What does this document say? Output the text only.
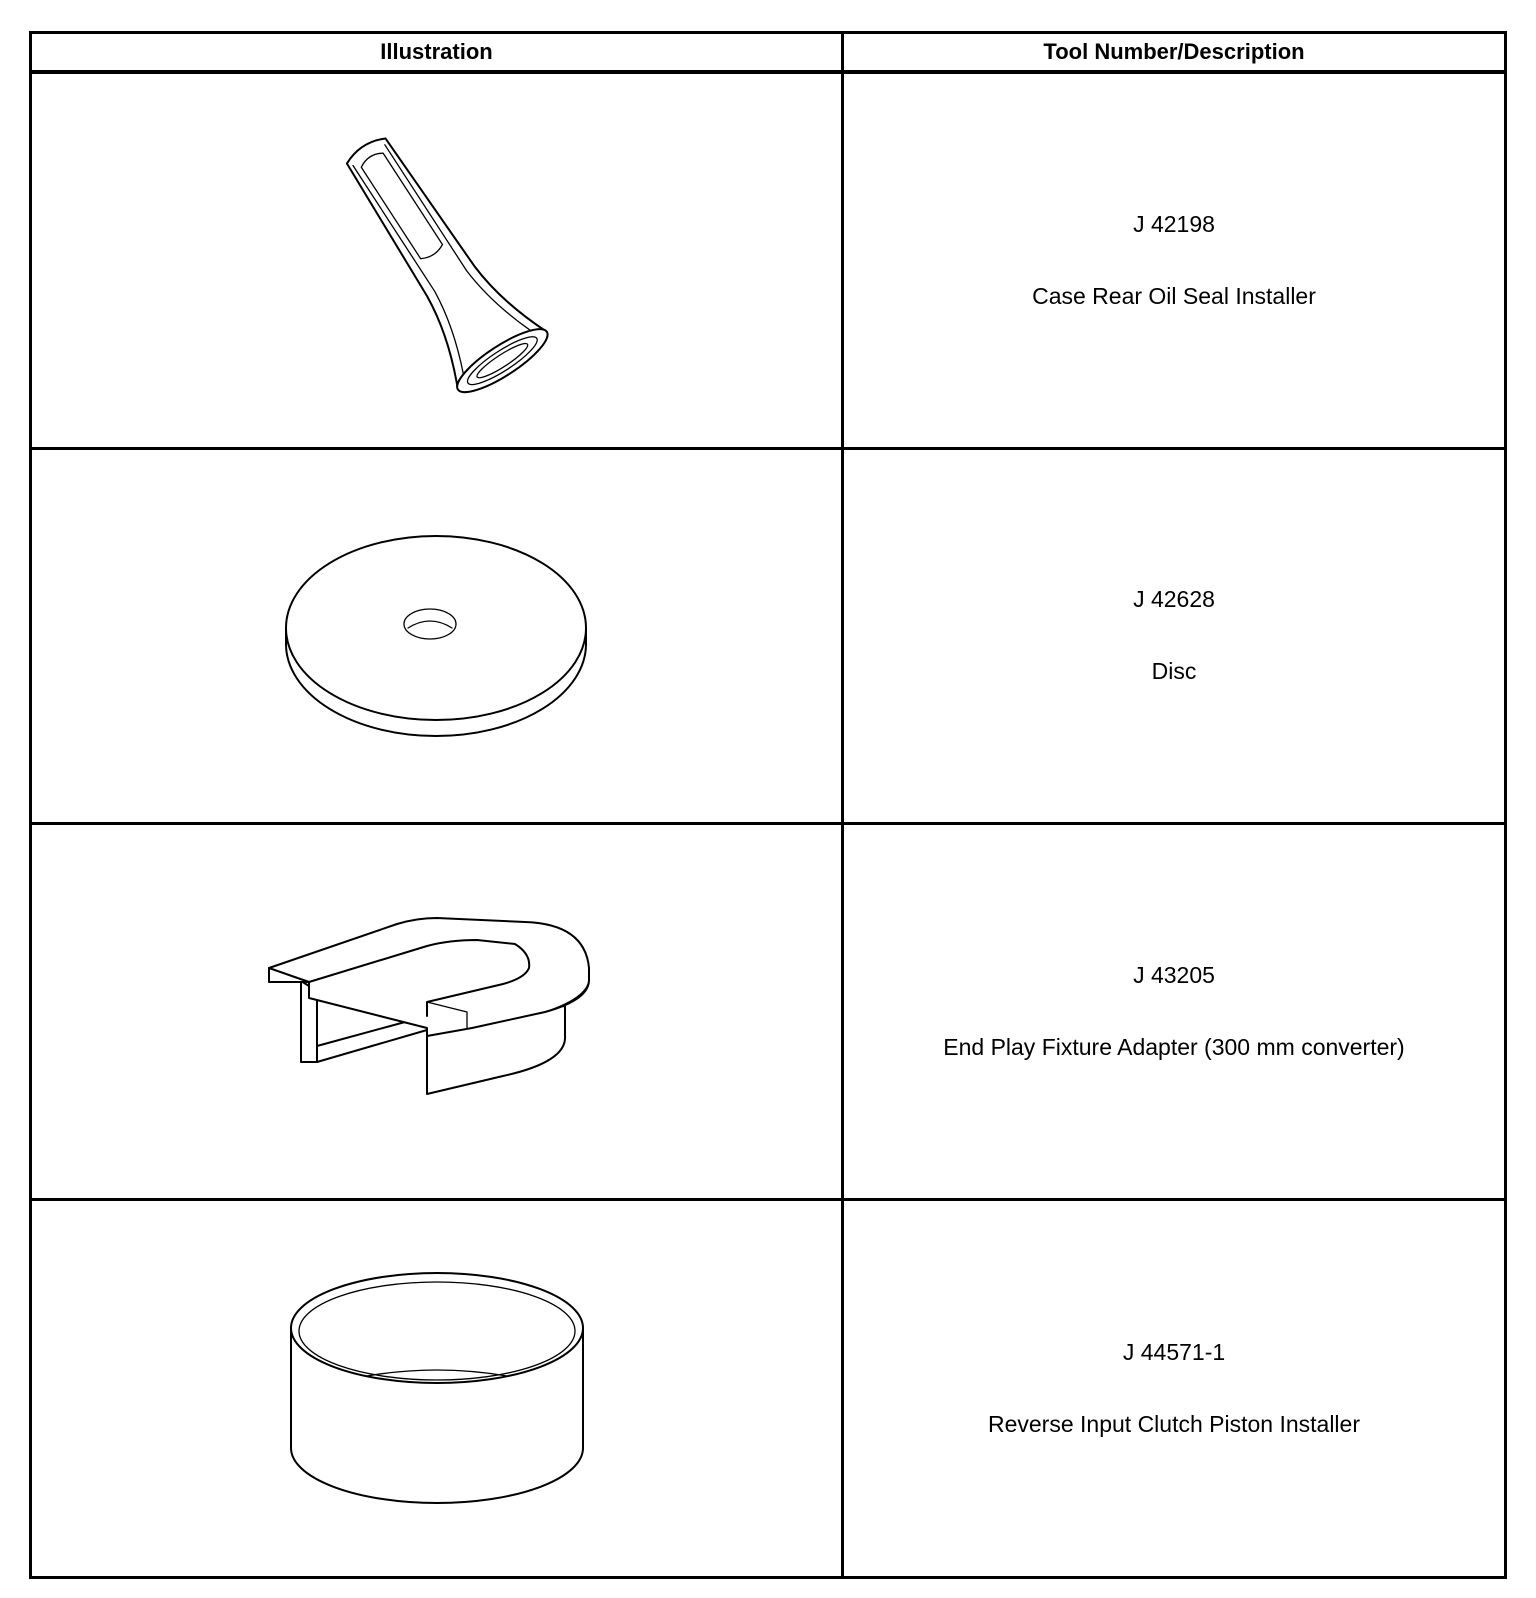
Illustration	Tool Number/Description
J 42198
Case Rear Oil Seal Installer
J 42628
Disc
J 43205
End Play Fixture Adapter (300 mm converter)
J 44571-1
Reverse Input Clutch Piston Installer
